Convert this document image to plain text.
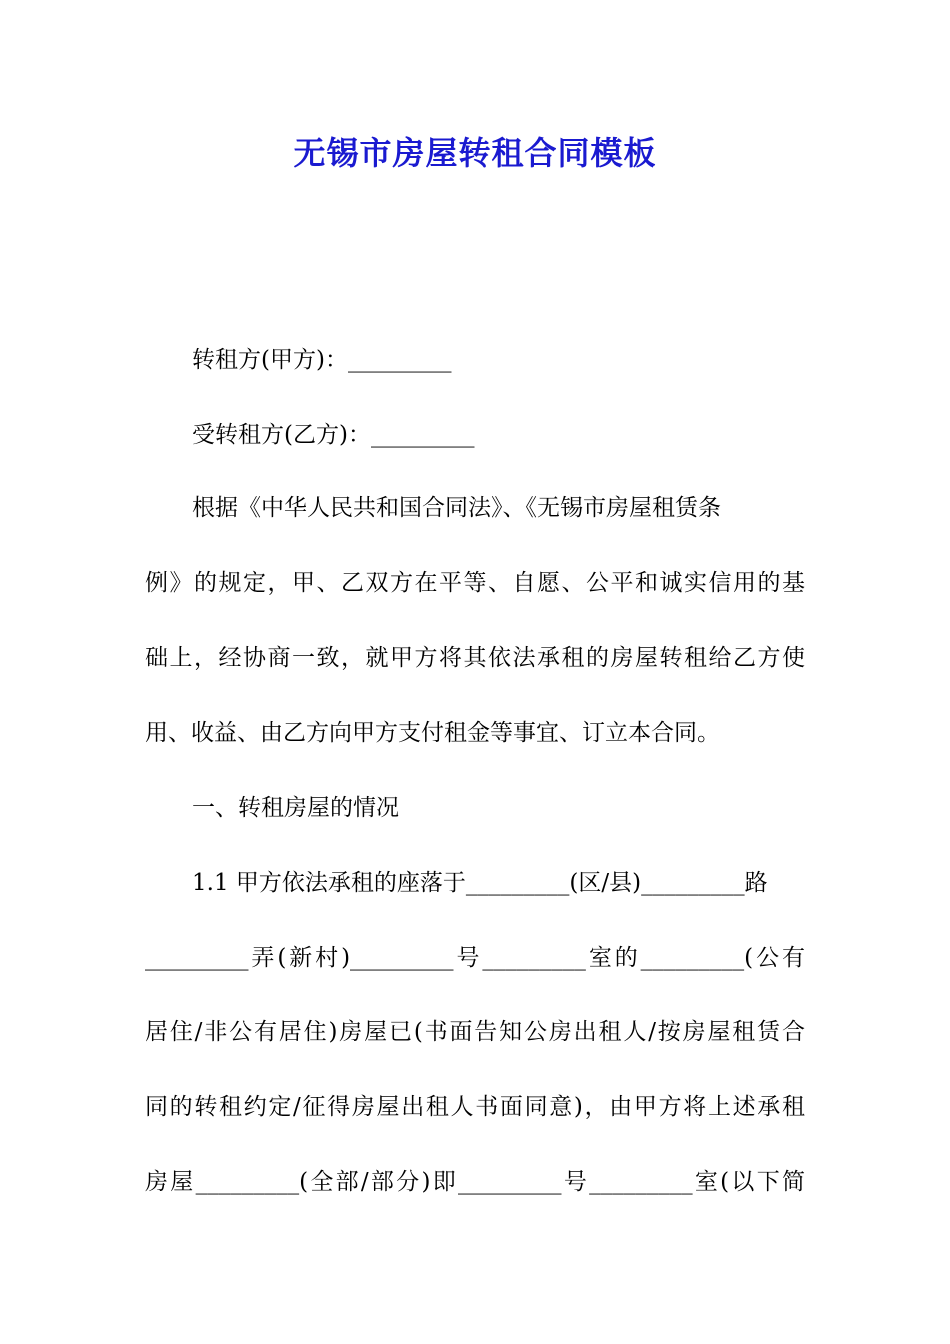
无锡市房屋转租合同模板
转租方(甲方)：_________
受转租方(乙方)：_________
根据《中华人民共和国合同法》、《无锡市房屋租赁条
例》的规定，甲、乙双方在平等、自愿、公平和诚实信用的基
础上，经协商一致，就甲方将其依法承租的房屋转租给乙方使
用、收益、由乙方向甲方支付租金等事宜、订立本合同。
一、转租房屋的情况
1.1 甲方依法承租的座落于_________(区/县)_________路
_________弄(新村)_________号_________室的_________(公有
居住/非公有居住)房屋已(书面告知公房出租人/按房屋租赁合
同的转租约定/征得房屋出租人书面同意)，由甲方将上述承租
房屋_________(全部/部分)即_________号_________室(以下简
